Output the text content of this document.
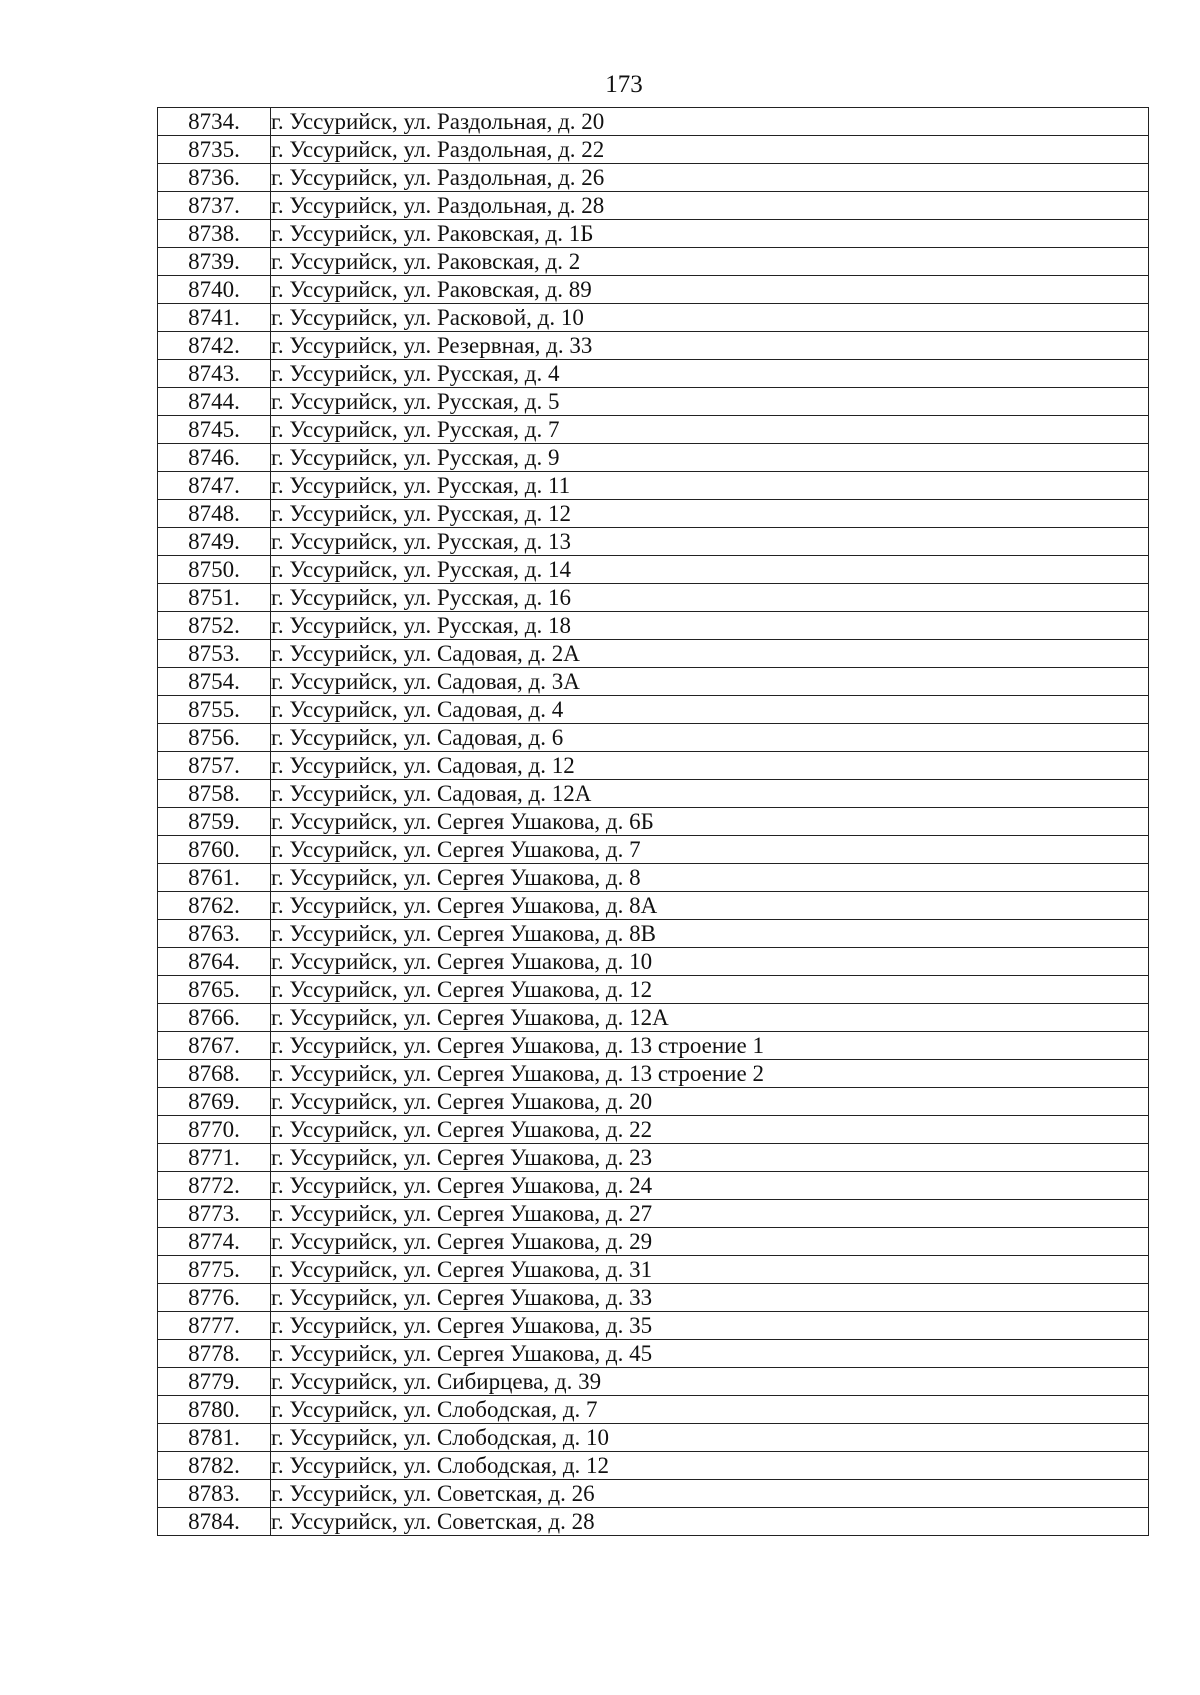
173
8734.	г. Уссурийск, ул. Раздольная, д. 20
8735.	г. Уссурийск, ул. Раздольная, д. 22
8736.	г. Уссурийск, ул. Раздольная, д. 26
8737.	г. Уссурийск, ул. Раздольная, д. 28
8738.	г. Уссурийск, ул. Раковская, д. 1Б
8739.	г. Уссурийск, ул. Раковская, д. 2
8740.	г. Уссурийск, ул. Раковская, д. 89
8741.	г. Уссурийск, ул. Расковой, д. 10
8742.	г. Уссурийск, ул. Резервная, д. 33
8743.	г. Уссурийск, ул. Русская, д. 4
8744.	г. Уссурийск, ул. Русская, д. 5
8745.	г. Уссурийск, ул. Русская, д. 7
8746.	г. Уссурийск, ул. Русская, д. 9
8747.	г. Уссурийск, ул. Русская, д. 11
8748.	г. Уссурийск, ул. Русская, д. 12
8749.	г. Уссурийск, ул. Русская, д. 13
8750.	г. Уссурийск, ул. Русская, д. 14
8751.	г. Уссурийск, ул. Русская, д. 16
8752.	г. Уссурийск, ул. Русская, д. 18
8753.	г. Уссурийск, ул. Садовая, д. 2А
8754.	г. Уссурийск, ул. Садовая, д. 3А
8755.	г. Уссурийск, ул. Садовая, д. 4
8756.	г. Уссурийск, ул. Садовая, д. 6
8757.	г. Уссурийск, ул. Садовая, д. 12
8758.	г. Уссурийск, ул. Садовая, д. 12А
8759.	г. Уссурийск, ул. Сергея Ушакова, д. 6Б
8760.	г. Уссурийск, ул. Сергея Ушакова, д. 7
8761.	г. Уссурийск, ул. Сергея Ушакова, д. 8
8762.	г. Уссурийск, ул. Сергея Ушакова, д. 8А
8763.	г. Уссурийск, ул. Сергея Ушакова, д. 8В
8764.	г. Уссурийск, ул. Сергея Ушакова, д. 10
8765.	г. Уссурийск, ул. Сергея Ушакова, д. 12
8766.	г. Уссурийск, ул. Сергея Ушакова, д. 12А
8767.	г. Уссурийск, ул. Сергея Ушакова, д. 13 строение 1
8768.	г. Уссурийск, ул. Сергея Ушакова, д. 13 строение 2
8769.	г. Уссурийск, ул. Сергея Ушакова, д. 20
8770.	г. Уссурийск, ул. Сергея Ушакова, д. 22
8771.	г. Уссурийск, ул. Сергея Ушакова, д. 23
8772.	г. Уссурийск, ул. Сергея Ушакова, д. 24
8773.	г. Уссурийск, ул. Сергея Ушакова, д. 27
8774.	г. Уссурийск, ул. Сергея Ушакова, д. 29
8775.	г. Уссурийск, ул. Сергея Ушакова, д. 31
8776.	г. Уссурийск, ул. Сергея Ушакова, д. 33
8777.	г. Уссурийск, ул. Сергея Ушакова, д. 35
8778.	г. Уссурийск, ул. Сергея Ушакова, д. 45
8779.	г. Уссурийск, ул. Сибирцева, д. 39
8780.	г. Уссурийск, ул. Слободская, д. 7
8781.	г. Уссурийск, ул. Слободская, д. 10
8782.	г. Уссурийск, ул. Слободская, д. 12
8783.	г. Уссурийск, ул. Советская, д. 26
8784.	г. Уссурийск, ул. Советская, д. 28
